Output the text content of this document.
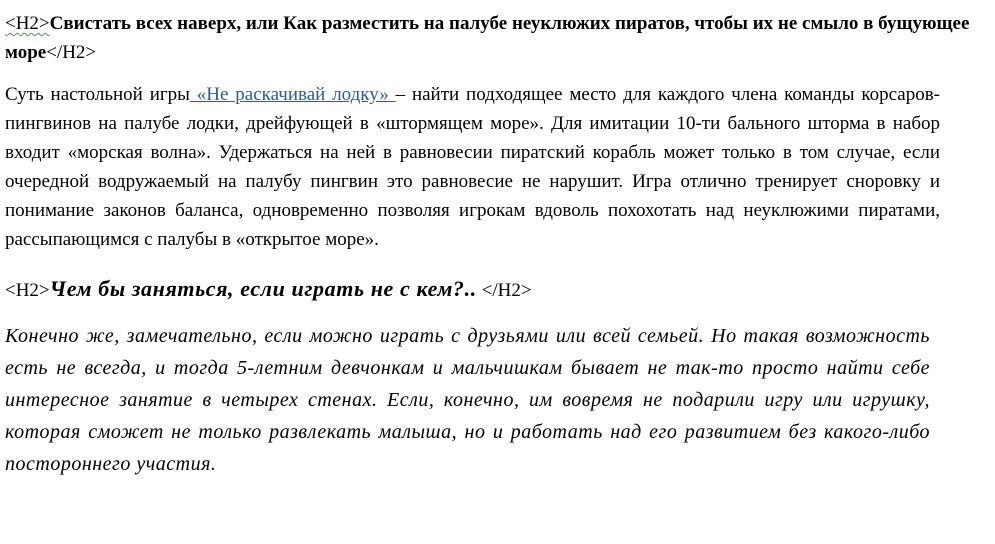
<H2>Свистать всех наверх, или Как разместить на палубе неуклюжих пиратов, чтобы их не смыло в бущующее море</H2>

Суть настольной игры «Не раскачивай лодку» – найти подходящее место для каждого члена команды корсаров-пингвинов на палубе лодки, дрейфующей в «штормящем море». Для имитации 10-ти бального шторма в набор входит «морская волна». Удержаться на ней в равновесии пиратский корабль может только в том случае, если очередной водружаемый на палубу пингвин это равновесие не нарушит. Игра отлично тренирует сноровку и понимание законов баланса, одновременно позволяя игрокам вдоволь похохотать над неуклюжими пиратами, рассыпающимся с палубы в «открытое море».

<H2>Чем бы заняться, если играть не с кем?.. </H2>

Конечно же, замечательно, если можно играть с друзьями или всей семьей. Но такая возможность есть не всегда, и тогда 5-летним девчонкам и мальчишкам бывает не так-то просто найти себе интересное занятие в четырех стенах. Если, конечно, им вовремя не подарили игру или игрушку, которая сможет не только развлекать малыша, но и работать над его развитием без какого-либо постороннего участия.
